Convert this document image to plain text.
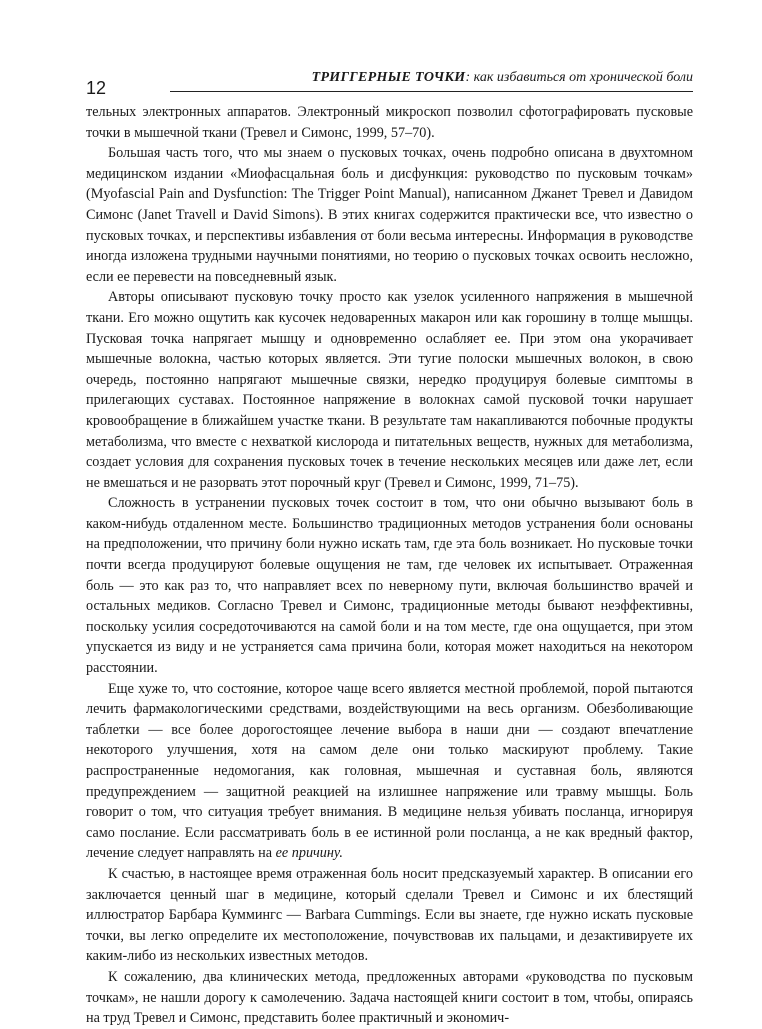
12
ТРИГГЕРНЫЕ ТОЧКИ: как избавиться от хронической боли

тельных электронных аппаратов. Электронный микроскоп позволил сфотографировать пусковые точки в мышечной ткани (Тревел и Симонс, 1999, 57–70).

Большая часть того, что мы знаем о пусковых точках, очень подробно описана в двухтомном медицинском издании «Миофасцальная боль и дисфункция: руководство по пусковым точкам» (Myofascial Pain and Dysfunction: The Trigger Point Manual), написанном Джанет Тревел и Давидом Симонс (Janet Travell и David Simons). В этих книгах содержится практически все, что известно о пусковых точках, и перспективы избавления от боли весьма интересны. Информация в руководстве иногда изложена трудными научными понятиями, но теорию о пусковых точках освоить несложно, если ее перевести на повседневный язык.

Авторы описывают пусковую точку просто как узелок усиленного напряжения в мышечной ткани. Его можно ощутить как кусочек недоваренных макарон или как горошину в толще мышцы. Пусковая точка напрягает мышцу и одновременно ослабляет ее. При этом она укорачивает мышечные волокна, частью которых является. Эти тугие полоски мышечных волокон, в свою очередь, постоянно напрягают мышечные связки, нередко продуцируя болевые симптомы в прилегающих суставах. Постоянное напряжение в волокнах самой пусковой точки нарушает кровообращение в ближайшем участке ткани. В результате там накапливаются побочные продукты метаболизма, что вместе с нехваткой кислорода и питательных веществ, нужных для метаболизма, создает условия для сохранения пусковых точек в течение нескольких месяцев или даже лет, если не вмешаться и не разорвать этот порочный круг (Тревел и Симонс, 1999, 71–75).

Сложность в устранении пусковых точек состоит в том, что они обычно вызывают боль в каком-нибудь отдаленном месте. Большинство традиционных методов устранения боли основаны на предположении, что причину боли нужно искать там, где эта боль возникает. Но пусковые точки почти всегда продуцируют болевые ощущения не там, где человек их испытывает. Отраженная боль — это как раз то, что направляет всех по неверному пути, включая большинство врачей и остальных медиков. Согласно Тревел и Симонс, традиционные методы бывают неэффективны, поскольку усилия сосредоточиваются на самой боли и на том месте, где она ощущается, при этом упускается из виду и не устраняется сама причина боли, которая может находиться на некотором расстоянии.

Еще хуже то, что состояние, которое чаще всего является местной проблемой, порой пытаются лечить фармакологическими средствами, воздействующими на весь организм. Обезболивающие таблетки — все более дорогостоящее лечение выбора в наши дни — создают впечатление некоторого улучшения, хотя на самом деле они только маскируют проблему. Такие распространенные недомогания, как головная, мышечная и суставная боль, являются предупреждением — защитной реакцией на излишнее напряжение или травму мышцы. Боль говорит о том, что ситуация требует внимания. В медицине нельзя убивать посланца, игнорируя само послание. Если рассматривать боль в ее истинной роли посланца, а не как вредный фактор, лечение следует направлять на ее причину.

К счастью, в настоящее время отраженная боль носит предсказуемый характер. В описании его заключается ценный шаг в медицине, который сделали Тревел и Симонс и их блестящий иллюстратор Барбара Куммингс — Barbara Cummings. Если вы знаете, где нужно искать пусковые точки, вы легко определите их местоположение, почувствовав их пальцами, и дезактивируете их каким-либо из нескольких известных методов.

К сожалению, два клинических метода, предложенных авторами «руководства по пусковым точкам», не нашли дорогу к самолечению. Задача настоящей книги состоит в том, чтобы, опираясь на труд Тревел и Симонс, представить более практичный и экономич-
